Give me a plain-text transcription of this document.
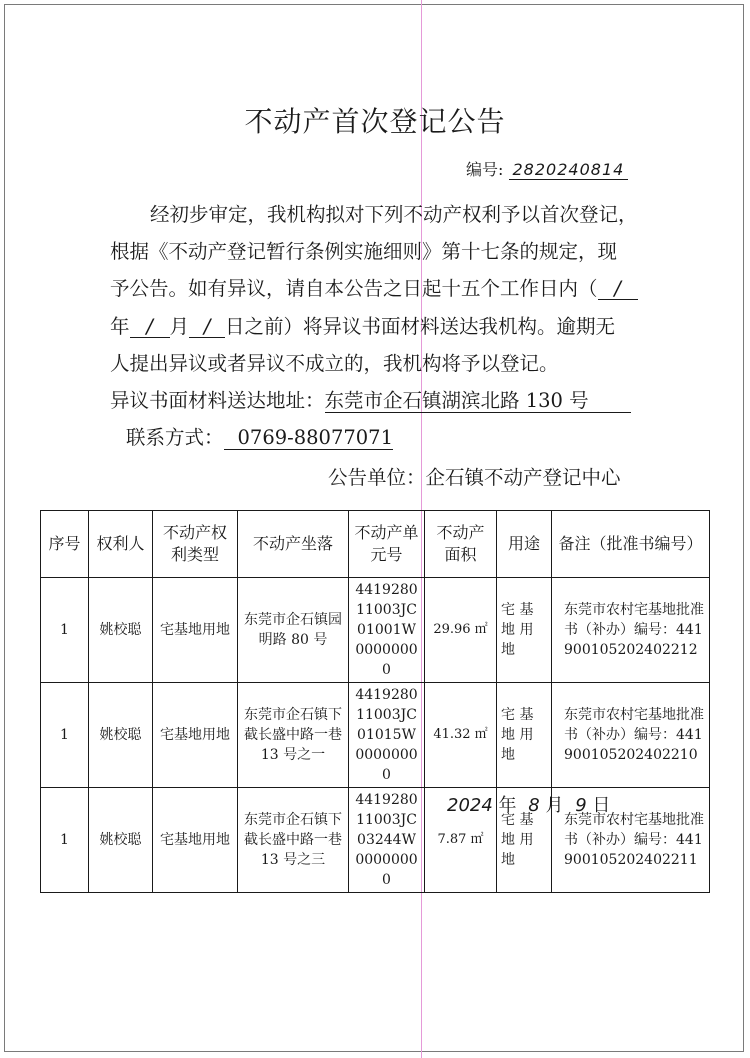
不动产首次登记公告
编号: 2820240814
经初步审定，我机构拟对下列不动产权利予以首次登记，
根据《不动产登记暂行条例实施细则》第十七条的规定，现
予公告。如有异议，请自本公告之日起十五个工作日内（ /
年 / 月 / 日之前）将异议书面材料送达我机构。逾期无
人提出异议或者异议不成立的，我机构将予以登记。
异议书面材料送达地址：东莞市企石镇湖滨北路 130 号
联系方式： 0769-88077071
公告单位：企石镇不动产登记中心
序号	权利人	不动产权利类型	不动产坐落	不动产单元号	不动产面积	用途	备注（批准书编号）
1	姚校聪	宅基地用地	东莞市企石镇园明路 80 号	441928011003JC01001W00000000	29.96 ㎡	宅 基 地 用 地	东莞市农村宅基地批准书（补办）编号：441900105202402212
1	姚校聪	宅基地用地	东莞市企石镇下截长盛中路一巷 13 号之一	441928011003JC01015W00000000	41.32 ㎡	宅 基 地 用 地	东莞市农村宅基地批准书（补办）编号：441900105202402210
1	姚校聪	宅基地用地	东莞市企石镇下截长盛中路一巷 13 号之三	441928011003JC03244W00000000	7.87 ㎡	宅 基 地 用 地	东莞市农村宅基地批准书（补办）编号：441900105202402211
2024 年 8 月 9 日
